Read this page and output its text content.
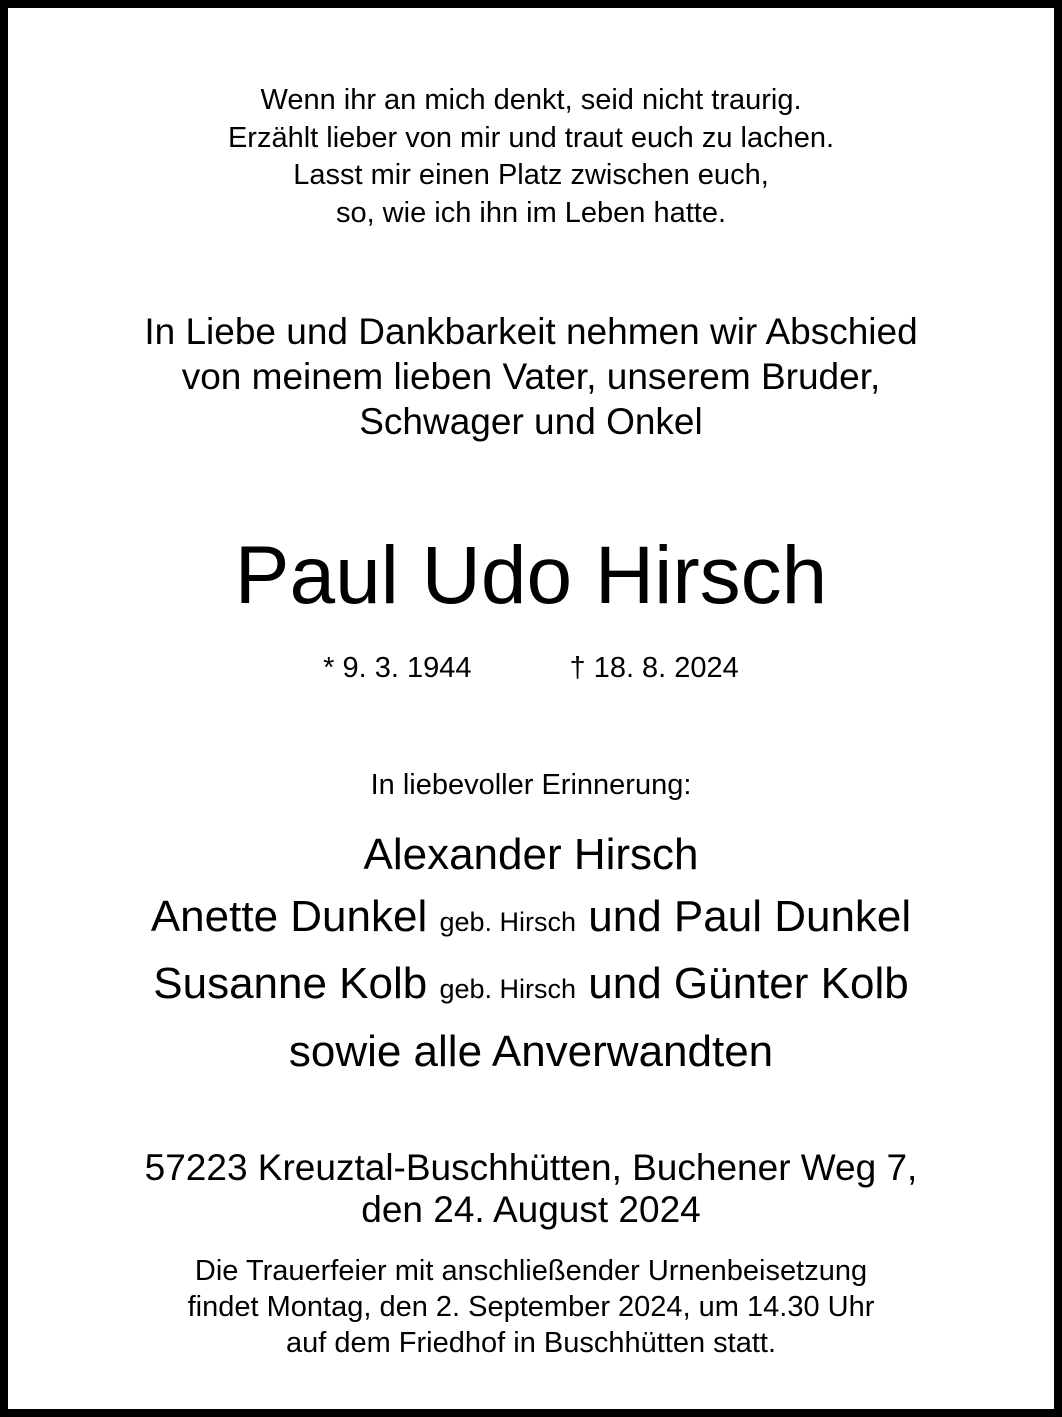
Wenn ihr an mich denkt, seid nicht traurig.
Erzählt lieber von mir und traut euch zu lachen.
Lasst mir einen Platz zwischen euch,
so, wie ich ihn im Leben hatte.
In Liebe und Dankbarkeit nehmen wir Abschied
von meinem lieben Vater, unserem Bruder,
Schwager und Onkel
Paul Udo Hirsch
* 9. 3. 1944	† 18. 8. 2024
In liebevoller Erinnerung:
Alexander Hirsch
Anette Dunkel geb. Hirsch und Paul Dunkel
Susanne Kolb geb. Hirsch und Günter Kolb
sowie alle Anverwandten
57223 Kreuztal-Buschhütten, Buchener Weg 7,
den 24. August 2024
Die Trauerfeier mit anschließender Urnenbeisetzung
findet Montag, den 2. September 2024, um 14.30 Uhr
auf dem Friedhof in Buschhütten statt.
